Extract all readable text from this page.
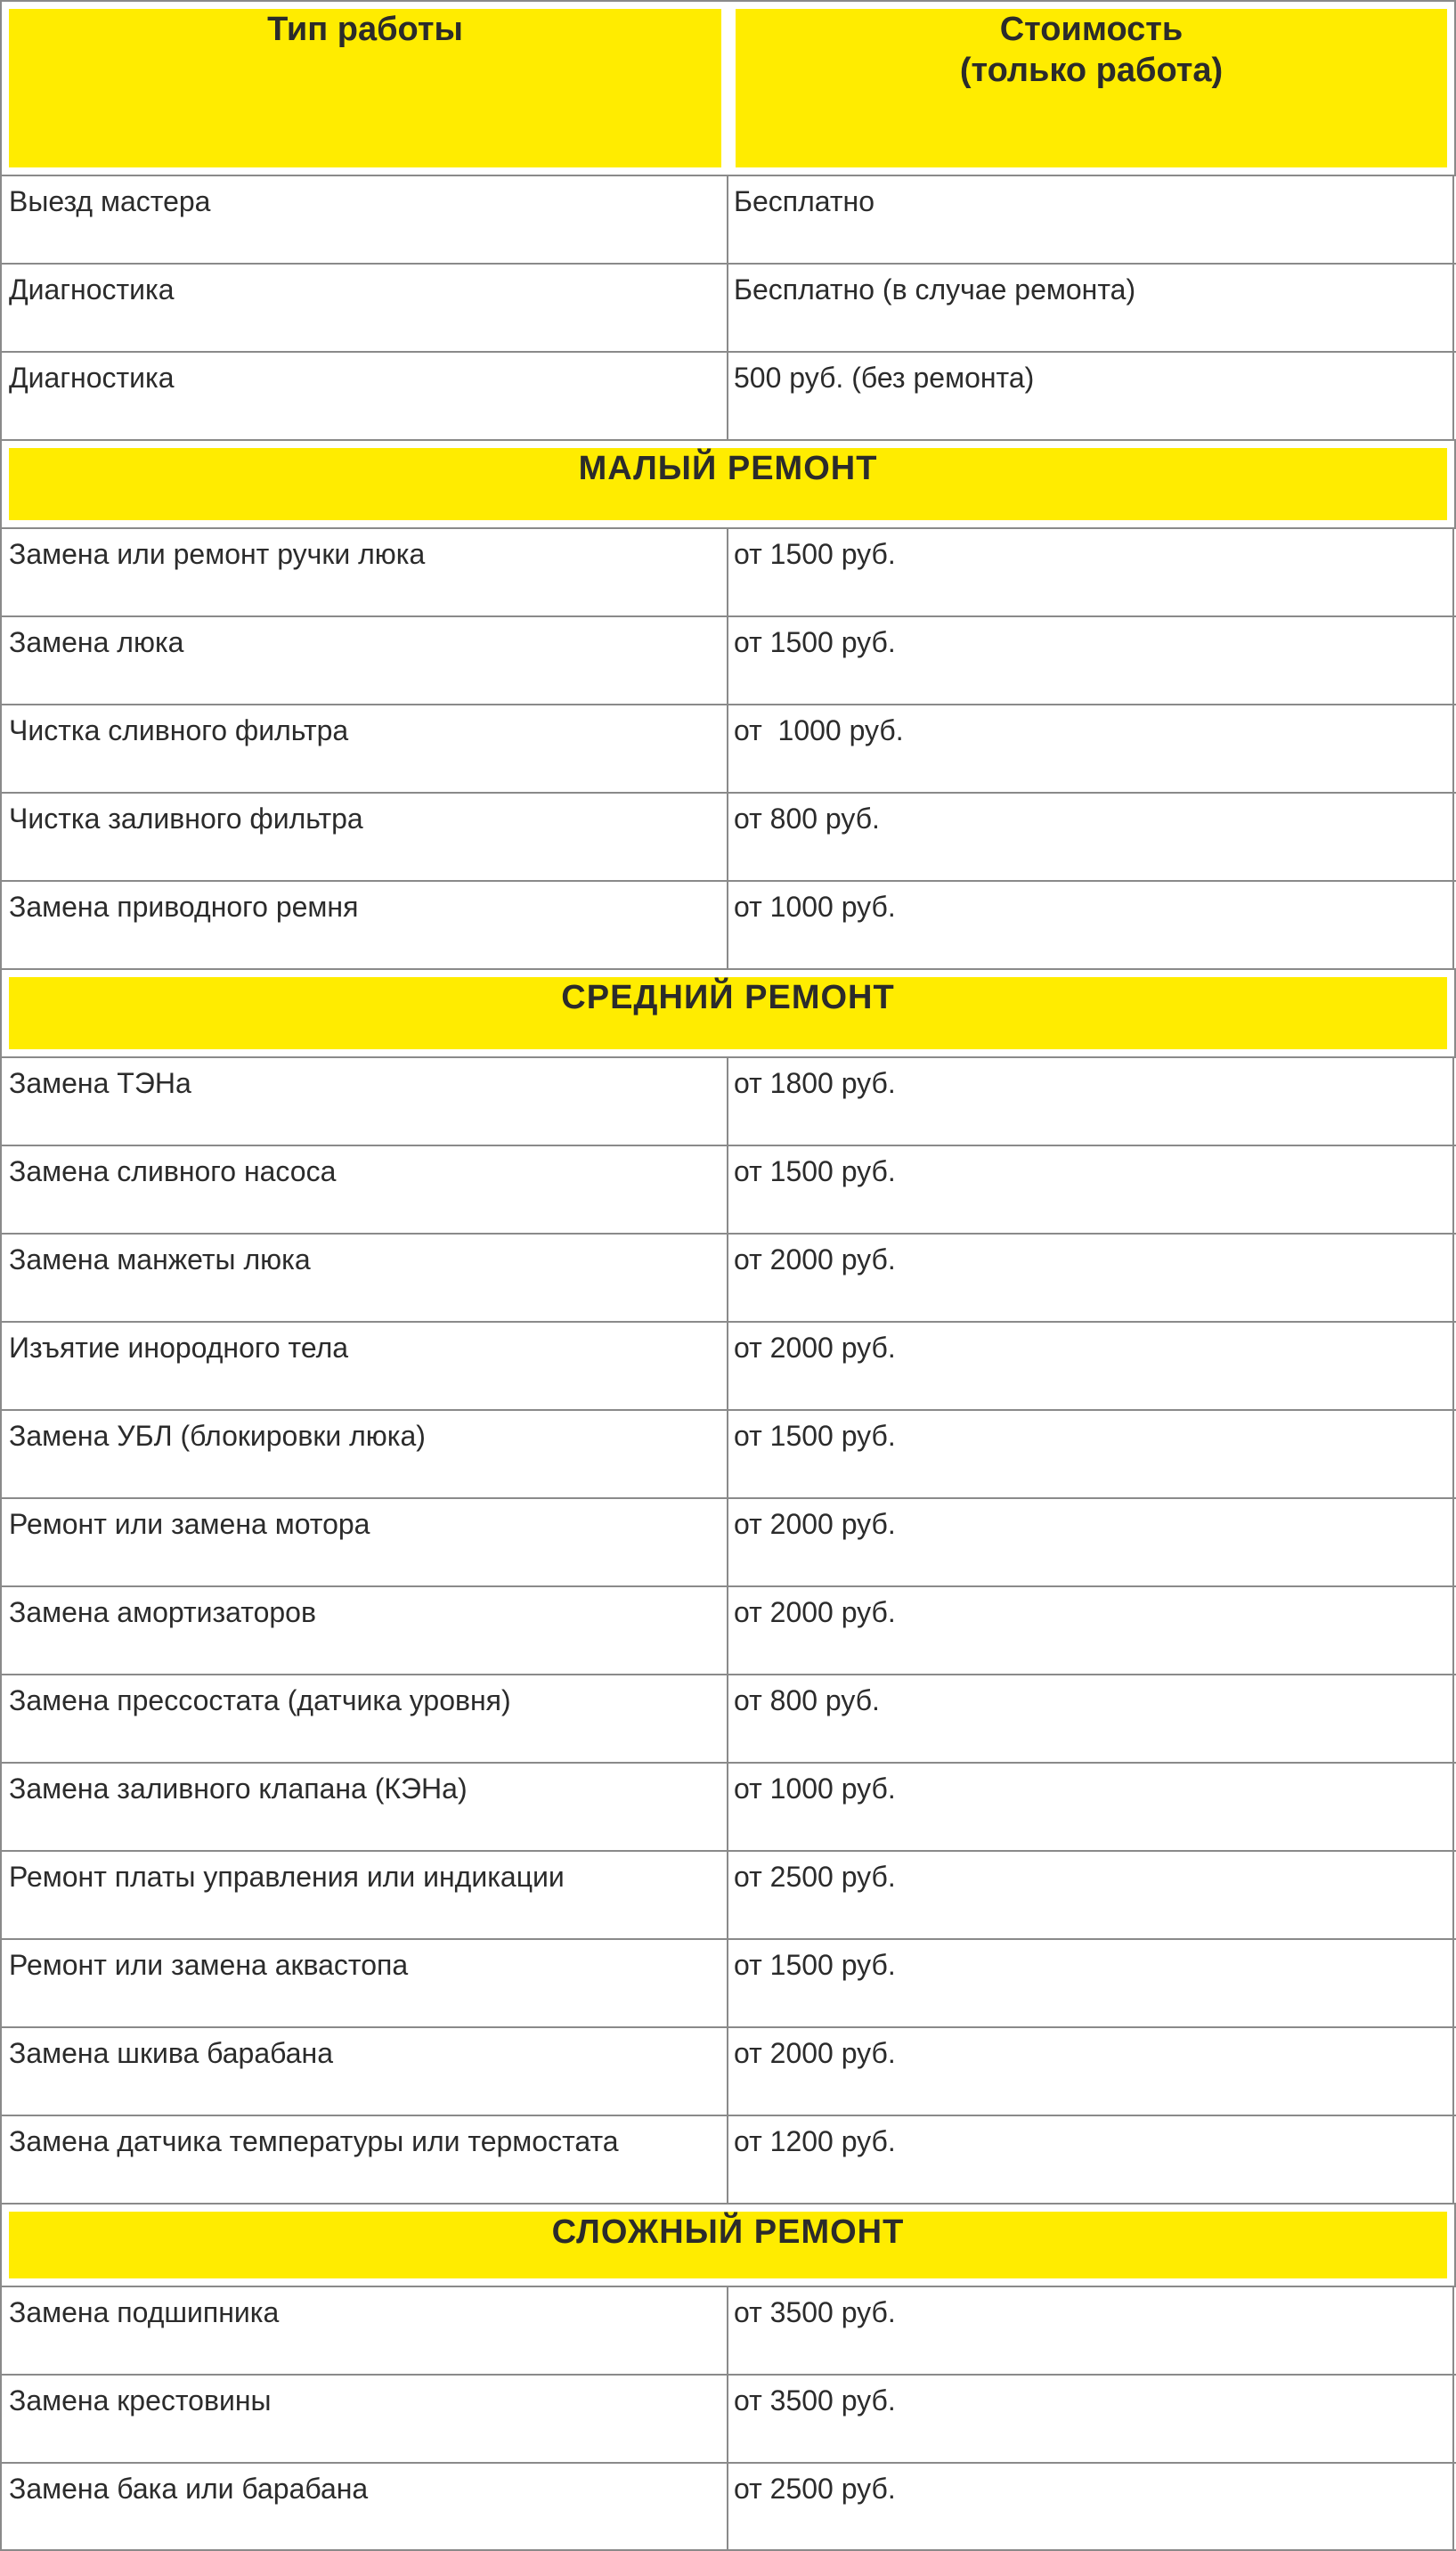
Тип работы	Стоимость
(только работа)
Выезд мастера	Бесплатно
Диагностика	Бесплатно (в случае ремонта)
Диагностика	500 руб. (без ремонта)
МАЛЫЙ РЕМОНТ
Замена или ремонт ручки люка	от 1500 руб.
Замена люка	от 1500 руб.
Чистка сливного фильтра	от  1000 руб.
Чистка заливного фильтра	от 800 руб.
Замена приводного ремня	от 1000 руб.
СРЕДНИЙ РЕМОНТ
Замена ТЭНа	от 1800 руб.
Замена сливного насоса	от 1500 руб.
Замена манжеты люка	от 2000 руб.
Изъятие инородного тела	от 2000 руб.
Замена УБЛ (блокировки люка)	от 1500 руб.
Ремонт или замена мотора	от 2000 руб.
Замена амортизаторов	от 2000 руб.
Замена прессостата (датчика уровня)	от 800 руб.
Замена заливного клапана (КЭНа)	от 1000 руб.
Ремонт платы управления или индикации	от 2500 руб.
Ремонт или замена аквастопа	от 1500 руб.
Замена шкива барабана	от 2000 руб.
Замена датчика температуры или термостата	от 1200 руб.
СЛОЖНЫЙ РЕМОНТ
Замена подшипника	от 3500 руб.
Замена крестовины	от 3500 руб.
Замена бака или барабана	от 2500 руб.
